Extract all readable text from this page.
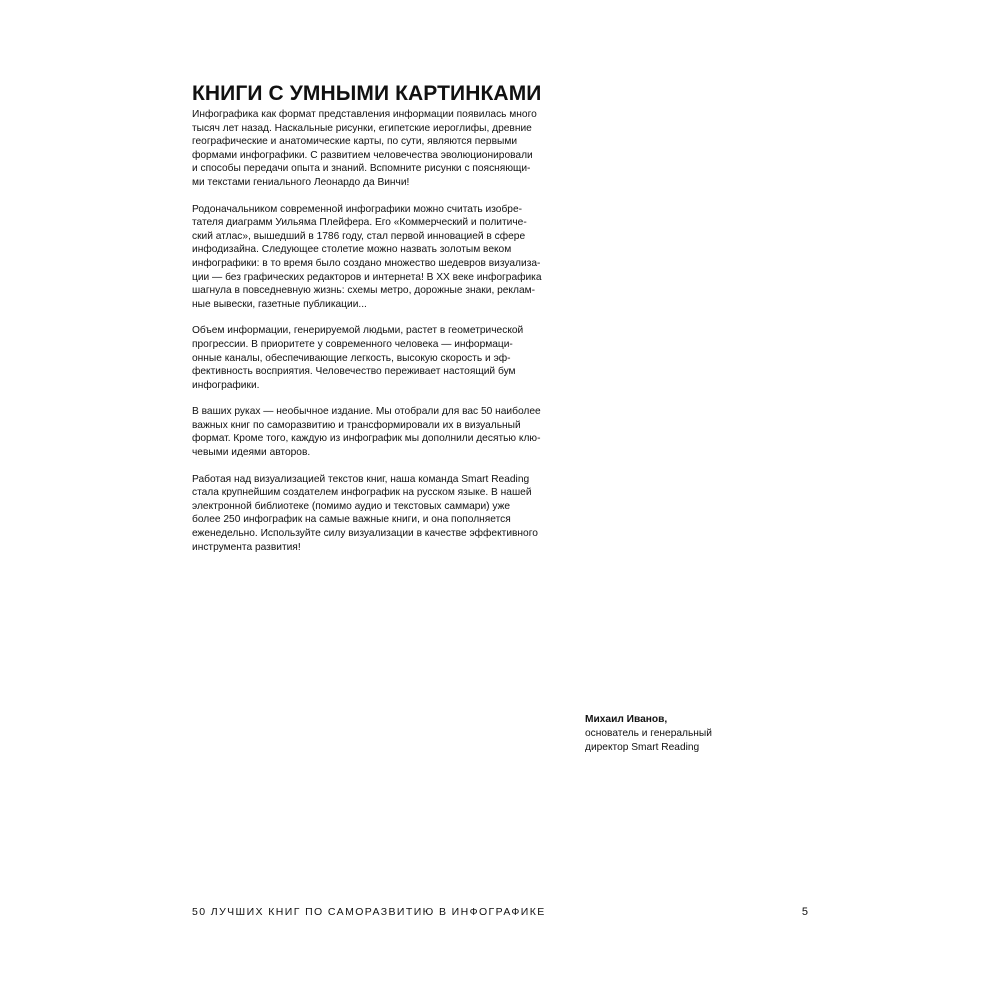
КНИГИ С УМНЫМИ КАРТИНКАМИ

Инфографика как формат представления информации появилась много
тысяч лет назад. Наскальные рисунки, египетские иероглифы, древние
географические и анатомические карты, по сути, являются первыми
формами инфографики. С развитием человечества эволюционировали
и способы передачи опыта и знаний. Вспомните рисунки с поясняющи-
ми текстами гениального Леонардо да Винчи!

Родоначальником современной инфографики можно считать изобре-
тателя диаграмм Уильяма Плейфера. Его «Коммерческий и политиче-
ский атлас», вышедший в 1786 году, стал первой инновацией в сфере
инфодизайна. Следующее столетие можно назвать золотым веком
инфографики: в то время было создано множество шедевров визуализа-
ции — без графических редакторов и интернета! В XX веке инфографика
шагнула в повседневную жизнь: схемы метро, дорожные знаки, реклам-
ные вывески, газетные публикации...

Объем информации, генерируемой людьми, растет в геометрической
прогрессии. В приоритете у современного человека — информаци-
онные каналы, обеспечивающие легкость, высокую скорость и эф-
фективность восприятия. Человечество переживает настоящий бум
инфографики.

В ваших руках — необычное издание. Мы отобрали для вас 50 наиболее
важных книг по саморазвитию и трансформировали их в визуальный
формат. Кроме того, каждую из инфографик мы дополнили десятью клю-
чевыми идеями авторов.

Работая над визуализацией текстов книг, наша команда Smart Reading
стала крупнейшим создателем инфографик на русском языке. В нашей
электронной библиотеке (помимо аудио и текстовых саммари) уже
более 250 инфографик на самые важные книги, и она пополняется
еженедельно. Используйте силу визуализации в качестве эффективного
инструмента развития!

Михаил Иванов,
основатель и генеральный
директор Smart Reading
50 ЛУЧШИХ КНИГ ПО САМОРАЗВИТИЮ В ИНФОГРАФИКЕ	5
